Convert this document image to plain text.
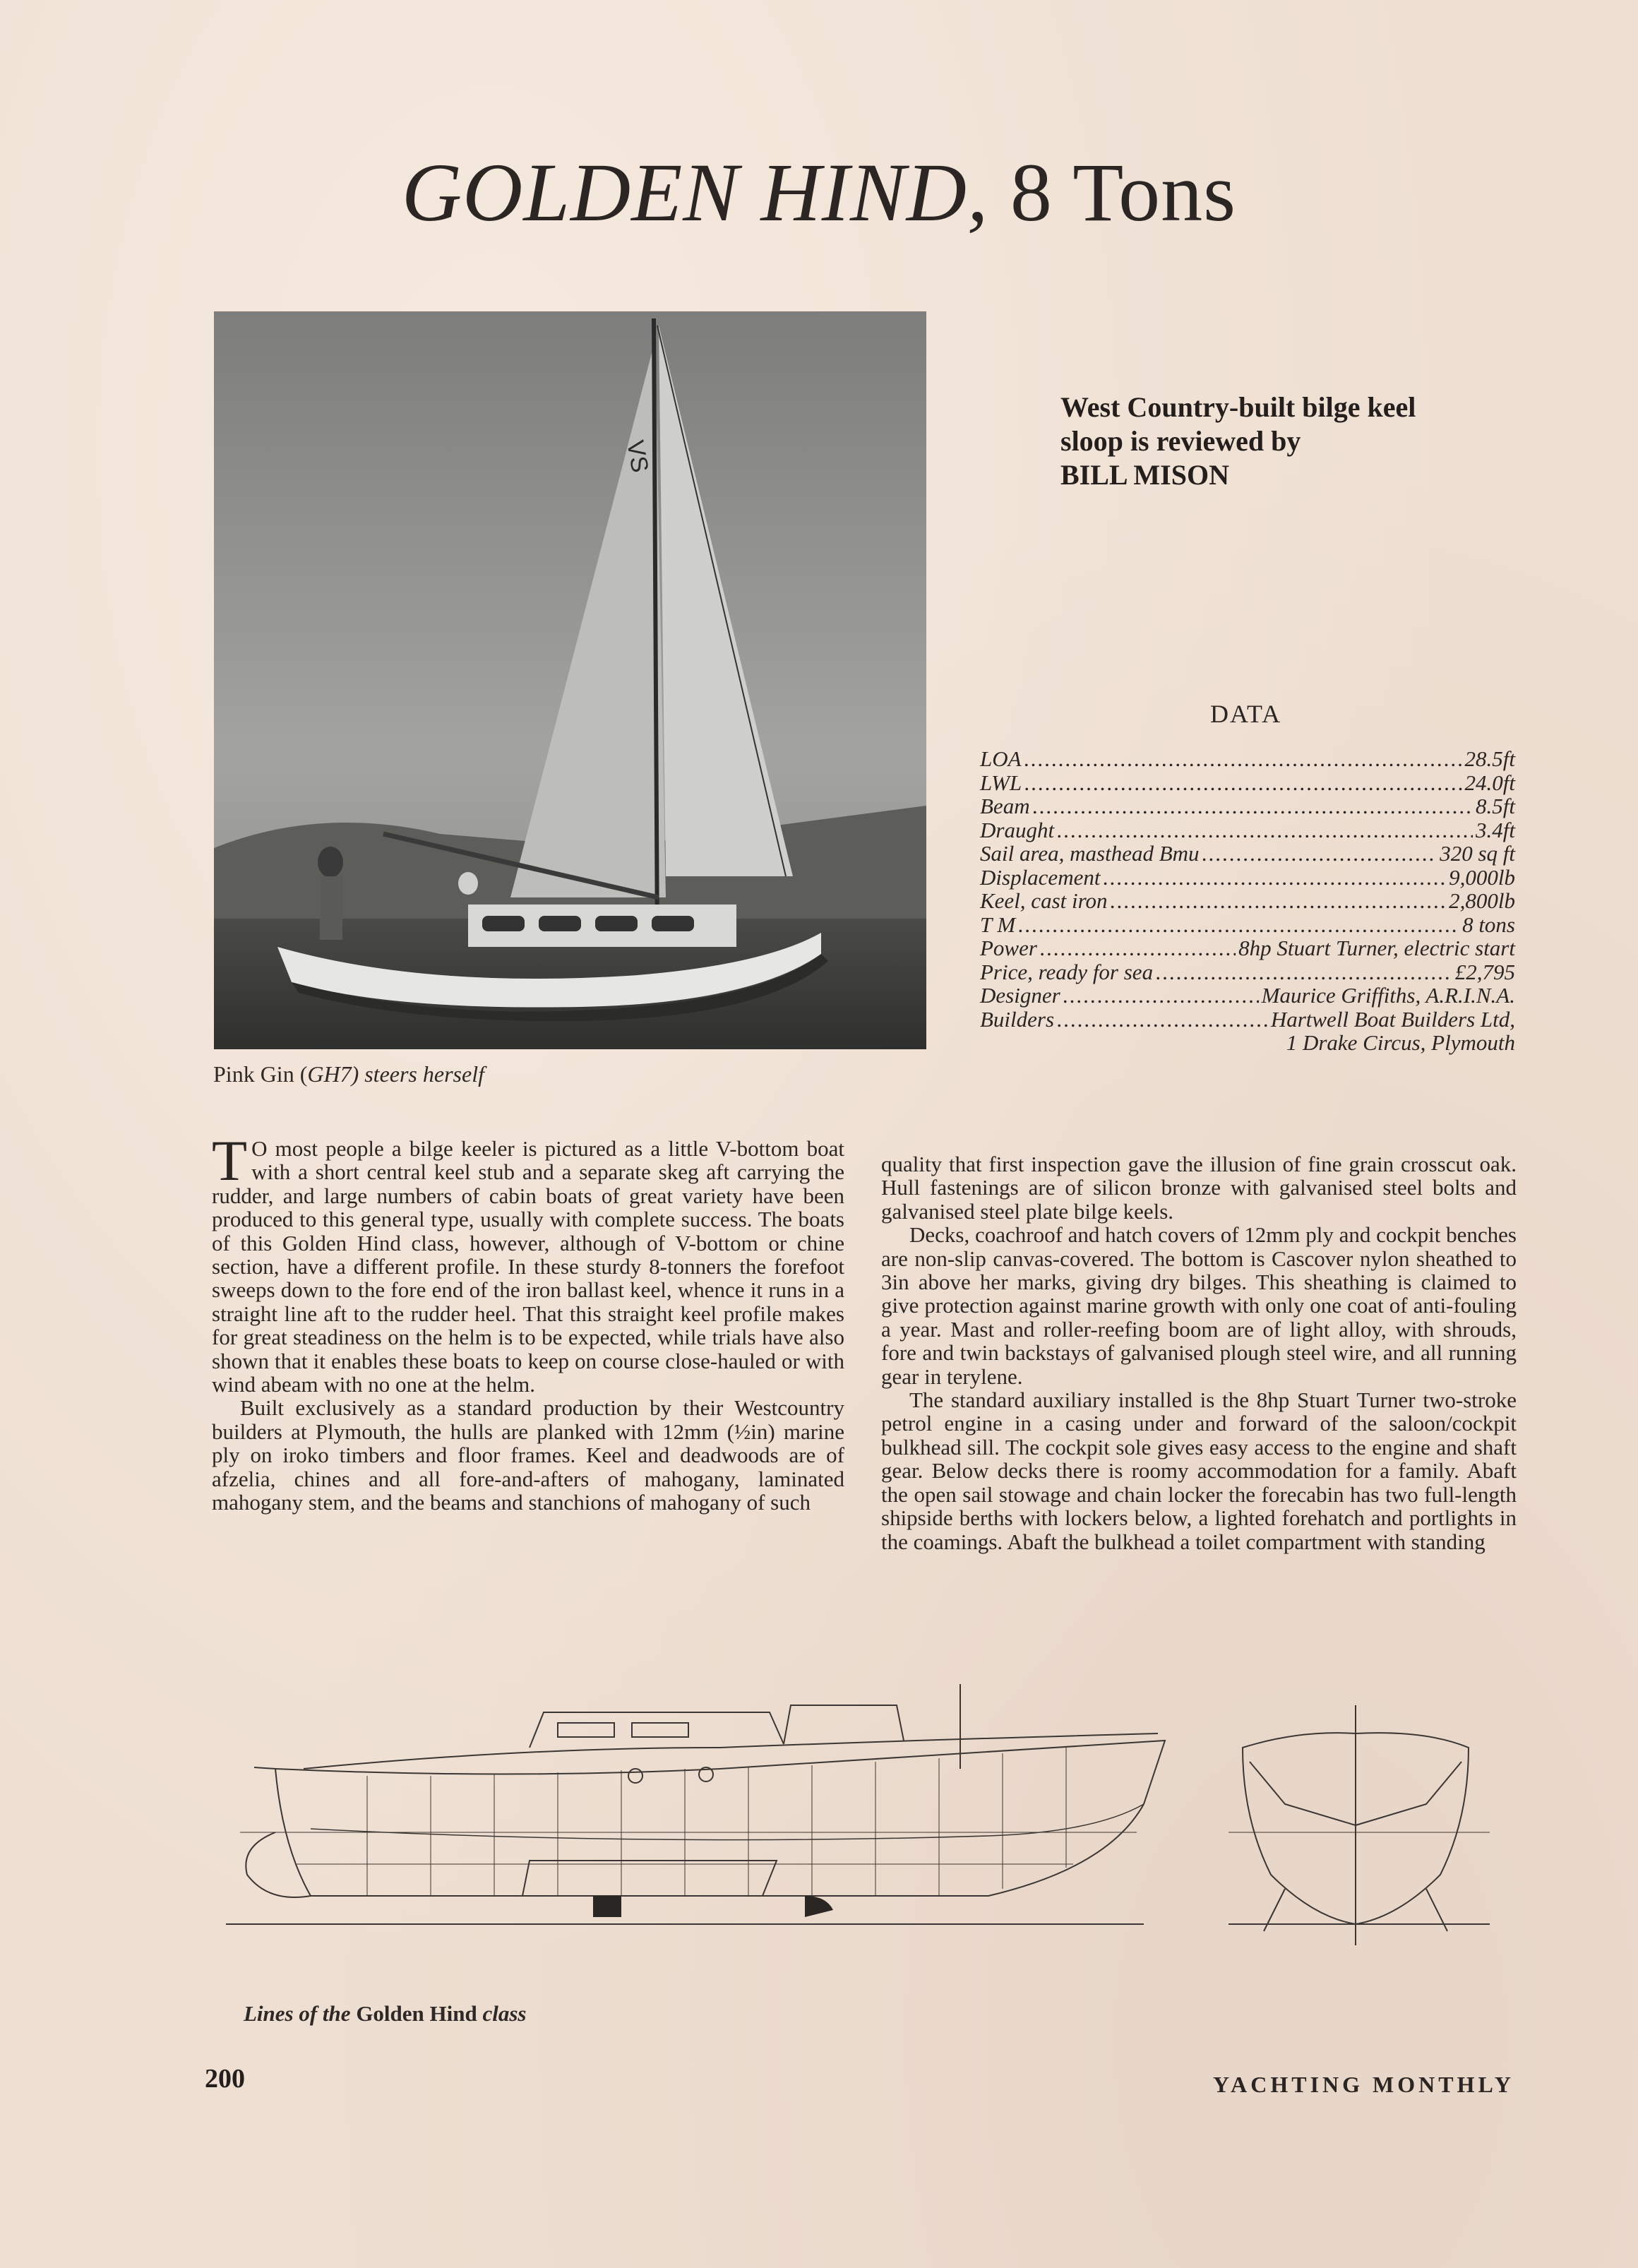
GOLDEN HIND, 8 Tons
VS
Pink Gin (GH7) steers herself
West Country-built bilge keel
sloop is reviewed by
BILL MISON
DATA
LOA .....	28.5ft
LWL .....	24.0ft
Beam .....	8.5ft
Draught .....	3.4ft
Sail area, masthead Bmu .....	320 sq ft
Displacement .....	9,000lb
Keel, cast iron .....	2,800lb
T M .....	8 tons
Power .....	8hp Stuart Turner, electric start
Price, ready for sea .....	£2,795
Designer .....	Maurice Griffiths, A.R.I.N.A.
Builders .....	Hartwell Boat Builders Ltd,
1 Drake Circus, Plymouth

T O most people a bilge keeler is pictured as a little V-bottom boat with a short central keel stub and a separate skeg aft carrying the rudder, and large numbers of cabin boats of great variety have been produced to this general type, usually with complete success. The boats of this Golden Hind class, however, although of V-bottom or chine section, have a different profile. In these sturdy 8-tonners the forefoot sweeps down to the fore end of the iron ballast keel, whence it runs in a straight line aft to the rudder heel. That this straight keel profile makes for great steadiness on the helm is to be expected, while trials have also shown that it enables these boats to keep on course close-hauled or with wind abeam with no one at the helm.

Built exclusively as a standard production by their Westcountry builders at Plymouth, the hulls are planked with 12mm (½in) marine ply on iroko timbers and floor frames. Keel and deadwoods are of afzelia, chines and all fore-and-afters of mahogany, laminated mahogany stem, and the beams and stanchions of mahogany of such

quality that first inspection gave the illusion of fine grain crosscut oak. Hull fastenings are of silicon bronze with galvanised steel bolts and galvanised steel plate bilge keels.

Decks, coachroof and hatch covers of 12mm ply and cockpit benches are non-slip canvas-covered. The bottom is Cascover nylon sheathed to 3in above her marks, giving dry bilges. This sheathing is claimed to give protection against marine growth with only one coat of anti-fouling a year. Mast and roller-reefing boom are of light alloy, with shrouds, fore and twin backstays of galvanised plough steel wire, and all running gear in terylene.

The standard auxiliary installed is the 8hp Stuart Turner two-stroke petrol engine in a casing under and forward of the saloon/cockpit bulkhead sill. The cockpit sole gives easy access to the engine and shaft gear. Below decks there is roomy accommodation for a family. Abaft the open sail stowage and chain locker the forecabin has two full-length shipside berths with lockers below, a lighted forehatch and portlights in the coamings. Abaft the bulkhead a toilet compartment with standing

Lines of the Golden Hind class
200	YACHTING MONTHLY
